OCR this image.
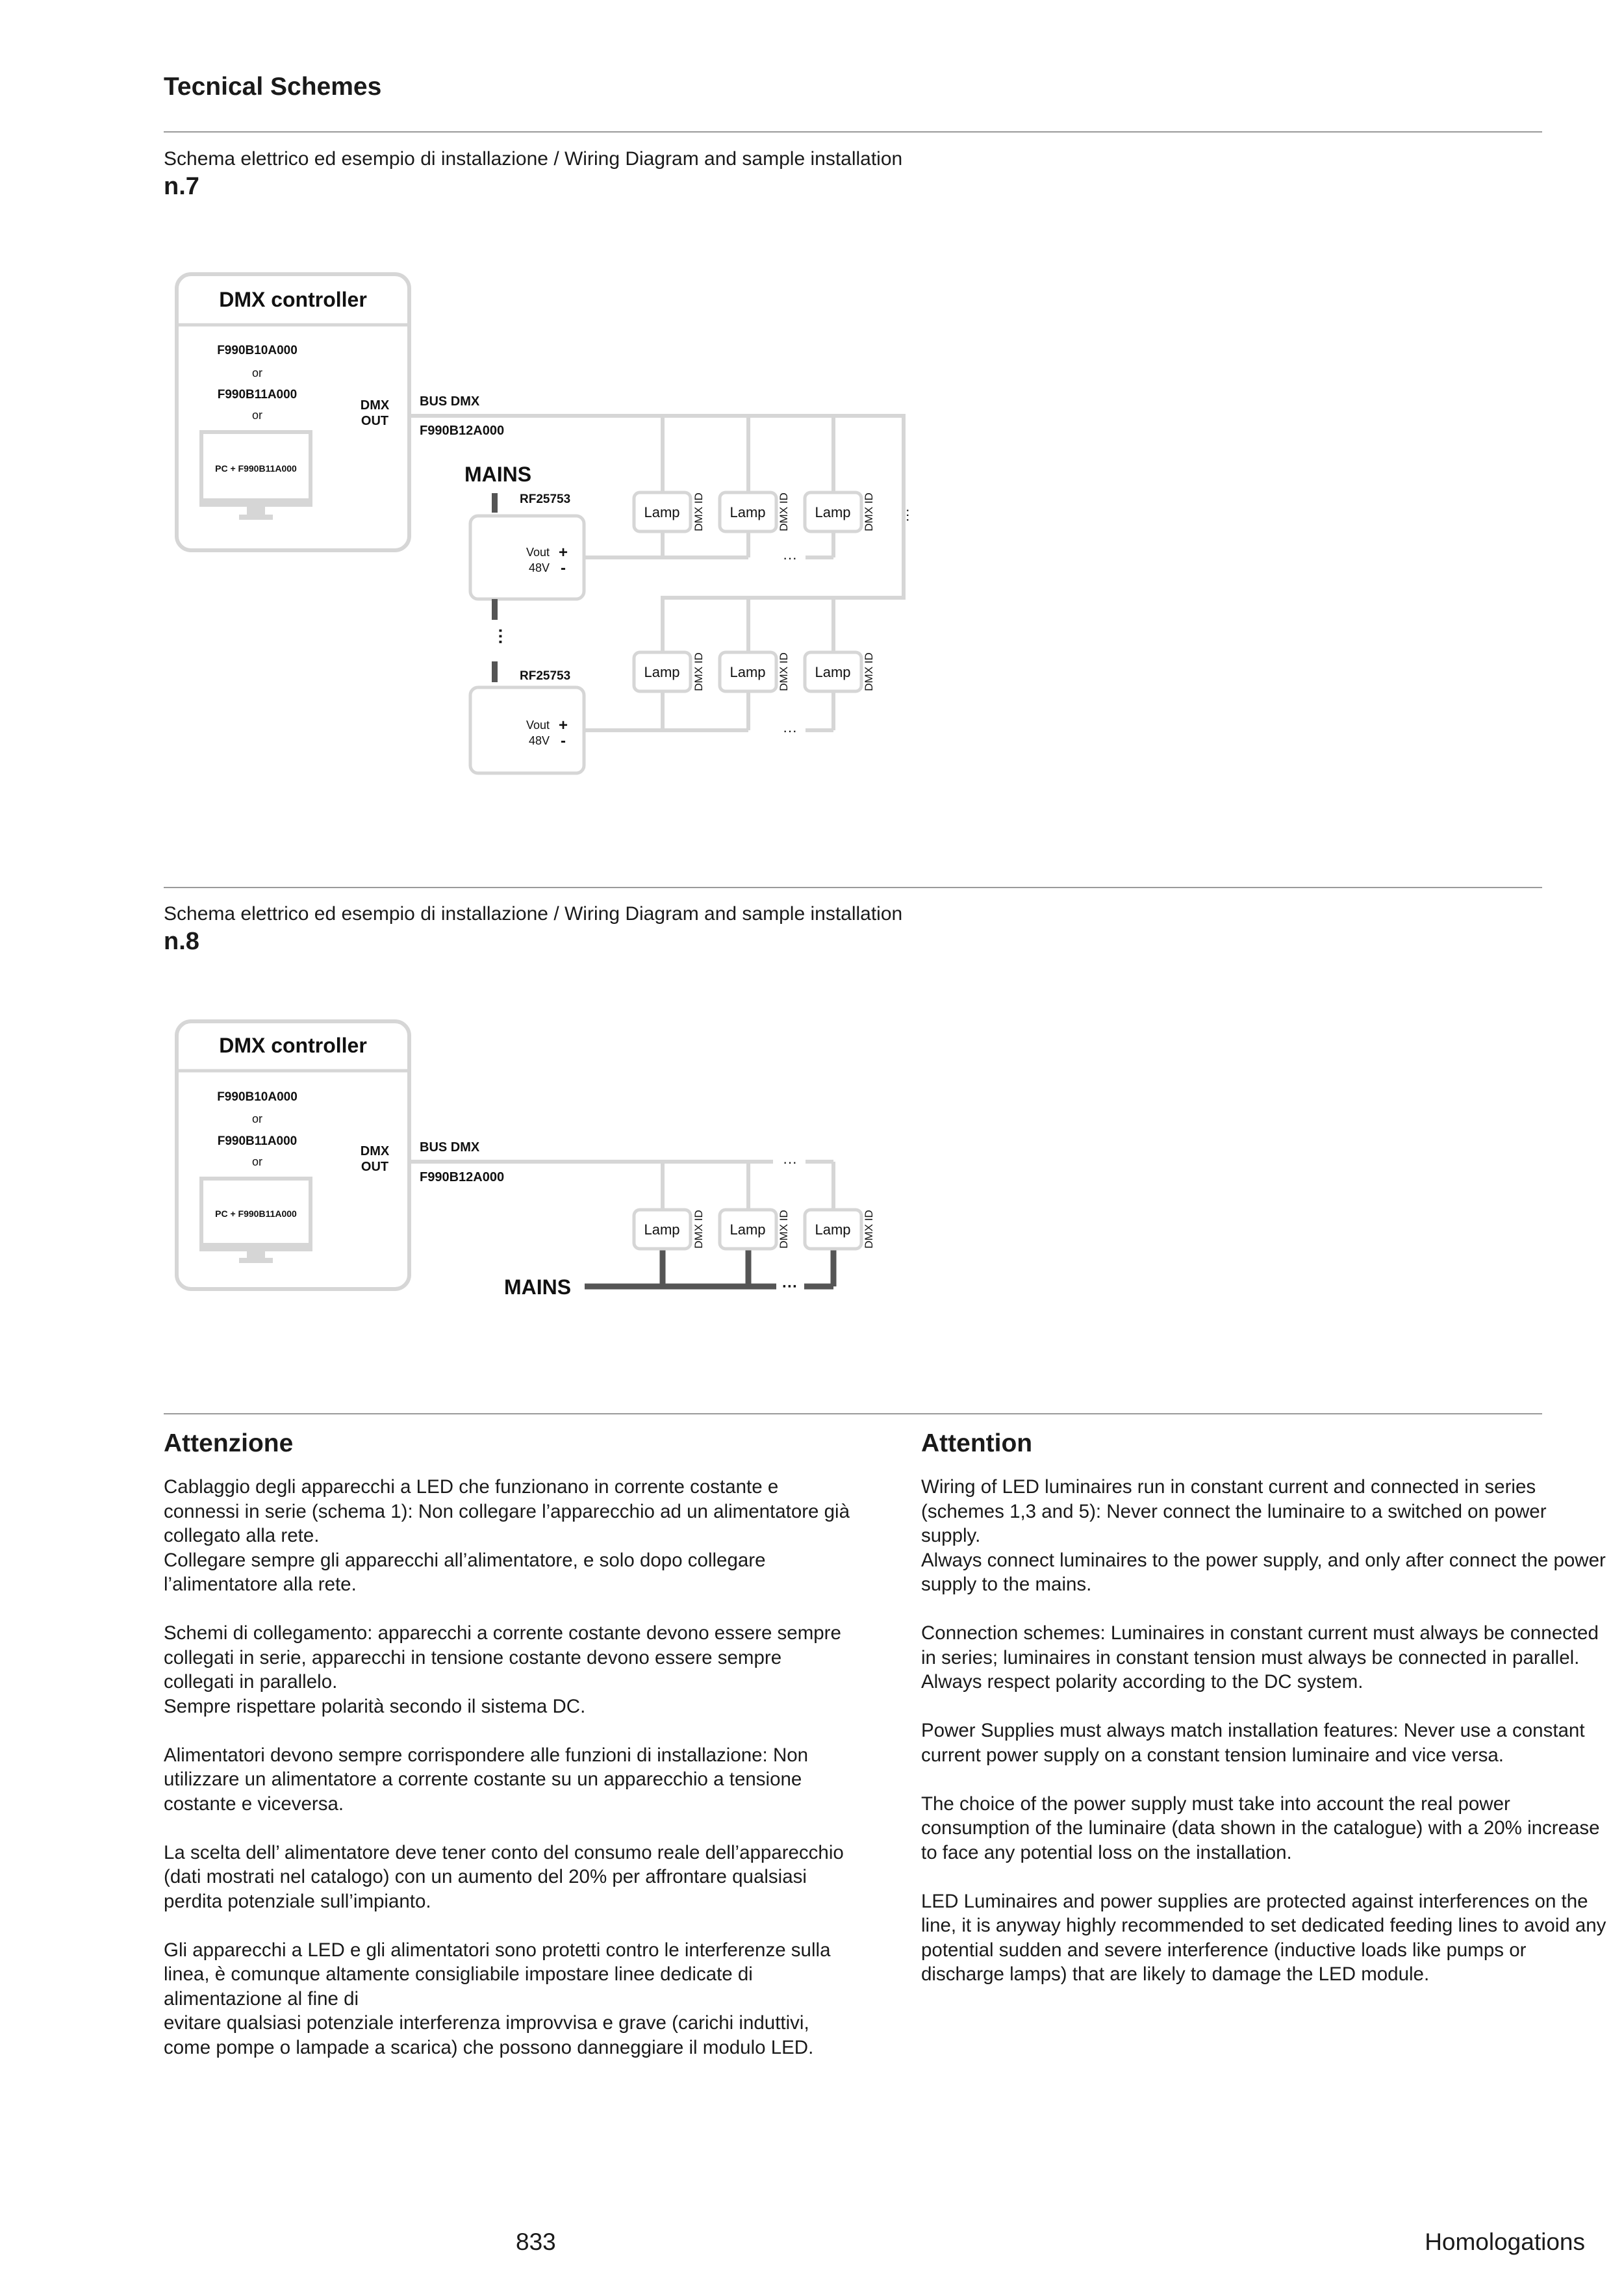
Tecnical Schemes
Schema elettrico ed esempio di installazione / Wiring Diagram and sample installation
n.7
DMX controller
F990B10A000
or
F990B11A000
or
PC + F990B11A000
DMX
OUT
BUS DMX
F990B12A000
···
MAINS
RF25753
Vout
48V
+
-
···
Lamp DMX ID Lamp DMX ID Lamp DMX ID
···
RF25753
Vout
48V
+
-
···
Lamp DMX ID Lamp DMX ID Lamp DMX ID
Schema elettrico ed esempio di installazione / Wiring Diagram and sample installation
n.8
DMX controller
F990B10A000
or
F990B11A000
or
PC + F990B11A000
DMX
OUT	···
BUS DMX
F990B12A000
MAINS	···
Lamp DMX ID Lamp DMX ID Lamp DMX ID
Attenzione

Cablaggio degli apparecchi a LED che funzionano in corrente costante e connessi in serie (schema 1): Non collegare l’apparecchio ad un alimentatore già collegato alla rete.
Collegare sempre gli apparecchi all’alimentatore, e solo dopo collegare l’alimentatore alla rete.

Schemi di collegamento: apparecchi a corrente costante devono essere sempre collegati in serie, apparecchi in tensione costante devono essere sempre collegati in parallelo.
Sempre rispettare polarità secondo il sistema DC.

Alimentatori devono sempre corrispondere alle funzioni di installazione: Non utilizzare un alimentatore a corrente costante su un apparecchio a tensione costante e viceversa.

La scelta dell’ alimentatore deve tener conto del consumo reale dell’apparecchio (dati mostrati nel catalogo) con un aumento del 20% per affrontare qualsiasi perdita potenziale sull’impianto.

Gli apparecchi a LED e gli alimentatori sono protetti contro le interferenze sulla linea, è comunque altamente consigliabile impostare linee dedicate di alimentazione al fine di
evitare qualsiasi potenziale interferenza improvvisa e grave (carichi induttivi, come pompe o lampade a scarica) che possono danneggiare il modulo LED.

Attention

Wiring of LED luminaires run in constant current and connected in series (schemes 1,3 and 5): Never connect the luminaire to a switched on power supply.
Always connect luminaires to the power supply, and only after connect the power supply to the mains.

Connection schemes: Luminaires in constant current must always be connected in series; luminaires in constant tension must always be connected in parallel.
Always respect polarity according to the DC system.

Power Supplies must always match installation features: Never use a constant current power supply on a constant tension luminaire and vice versa.

The choice of the power supply must take into account the real power consumption of the luminaire (data shown in the catalogue) with a 20% increase to face any potential loss on the installation.

LED Luminaires and power supplies are protected against interferences on the line, it is anyway highly recommended to set dedicated feeding lines to avoid any potential sudden and severe interference (inductive loads like pumps or discharge lamps) that are likely to damage the LED module.

833	Homologations
